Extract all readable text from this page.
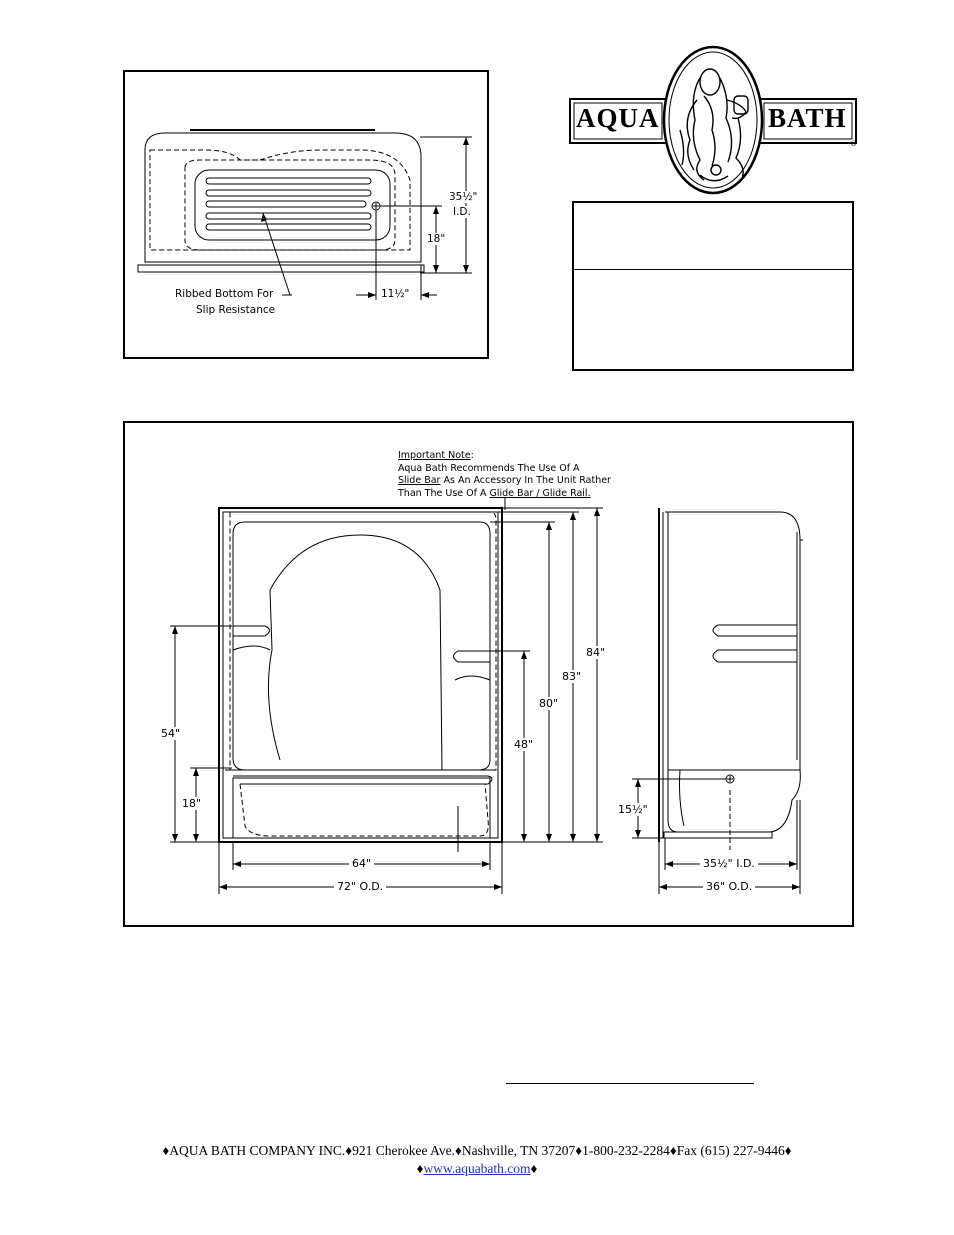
Ribbed Bottom For
Slip Resistance
35½"
I.D.
18"
11½"
®
AQUA	BATH
Important Note:
Aqua Bath Recommends The Use Of A
Slide Bar As An Accessory In The Unit Rather
Than The Use Of A Glide Bar / Glide Rail.
54"
18"
48"
80"
83"
84"
64"
72" O.D.
15½"
35½" I.D.
36" O.D.
♦AQUA BATH COMPANY INC.♦921 Cherokee Ave.♦Nashville, TN 37207♦1-800-232-2284♦Fax (615) 227-9446♦
♦www.aquabath.com♦
